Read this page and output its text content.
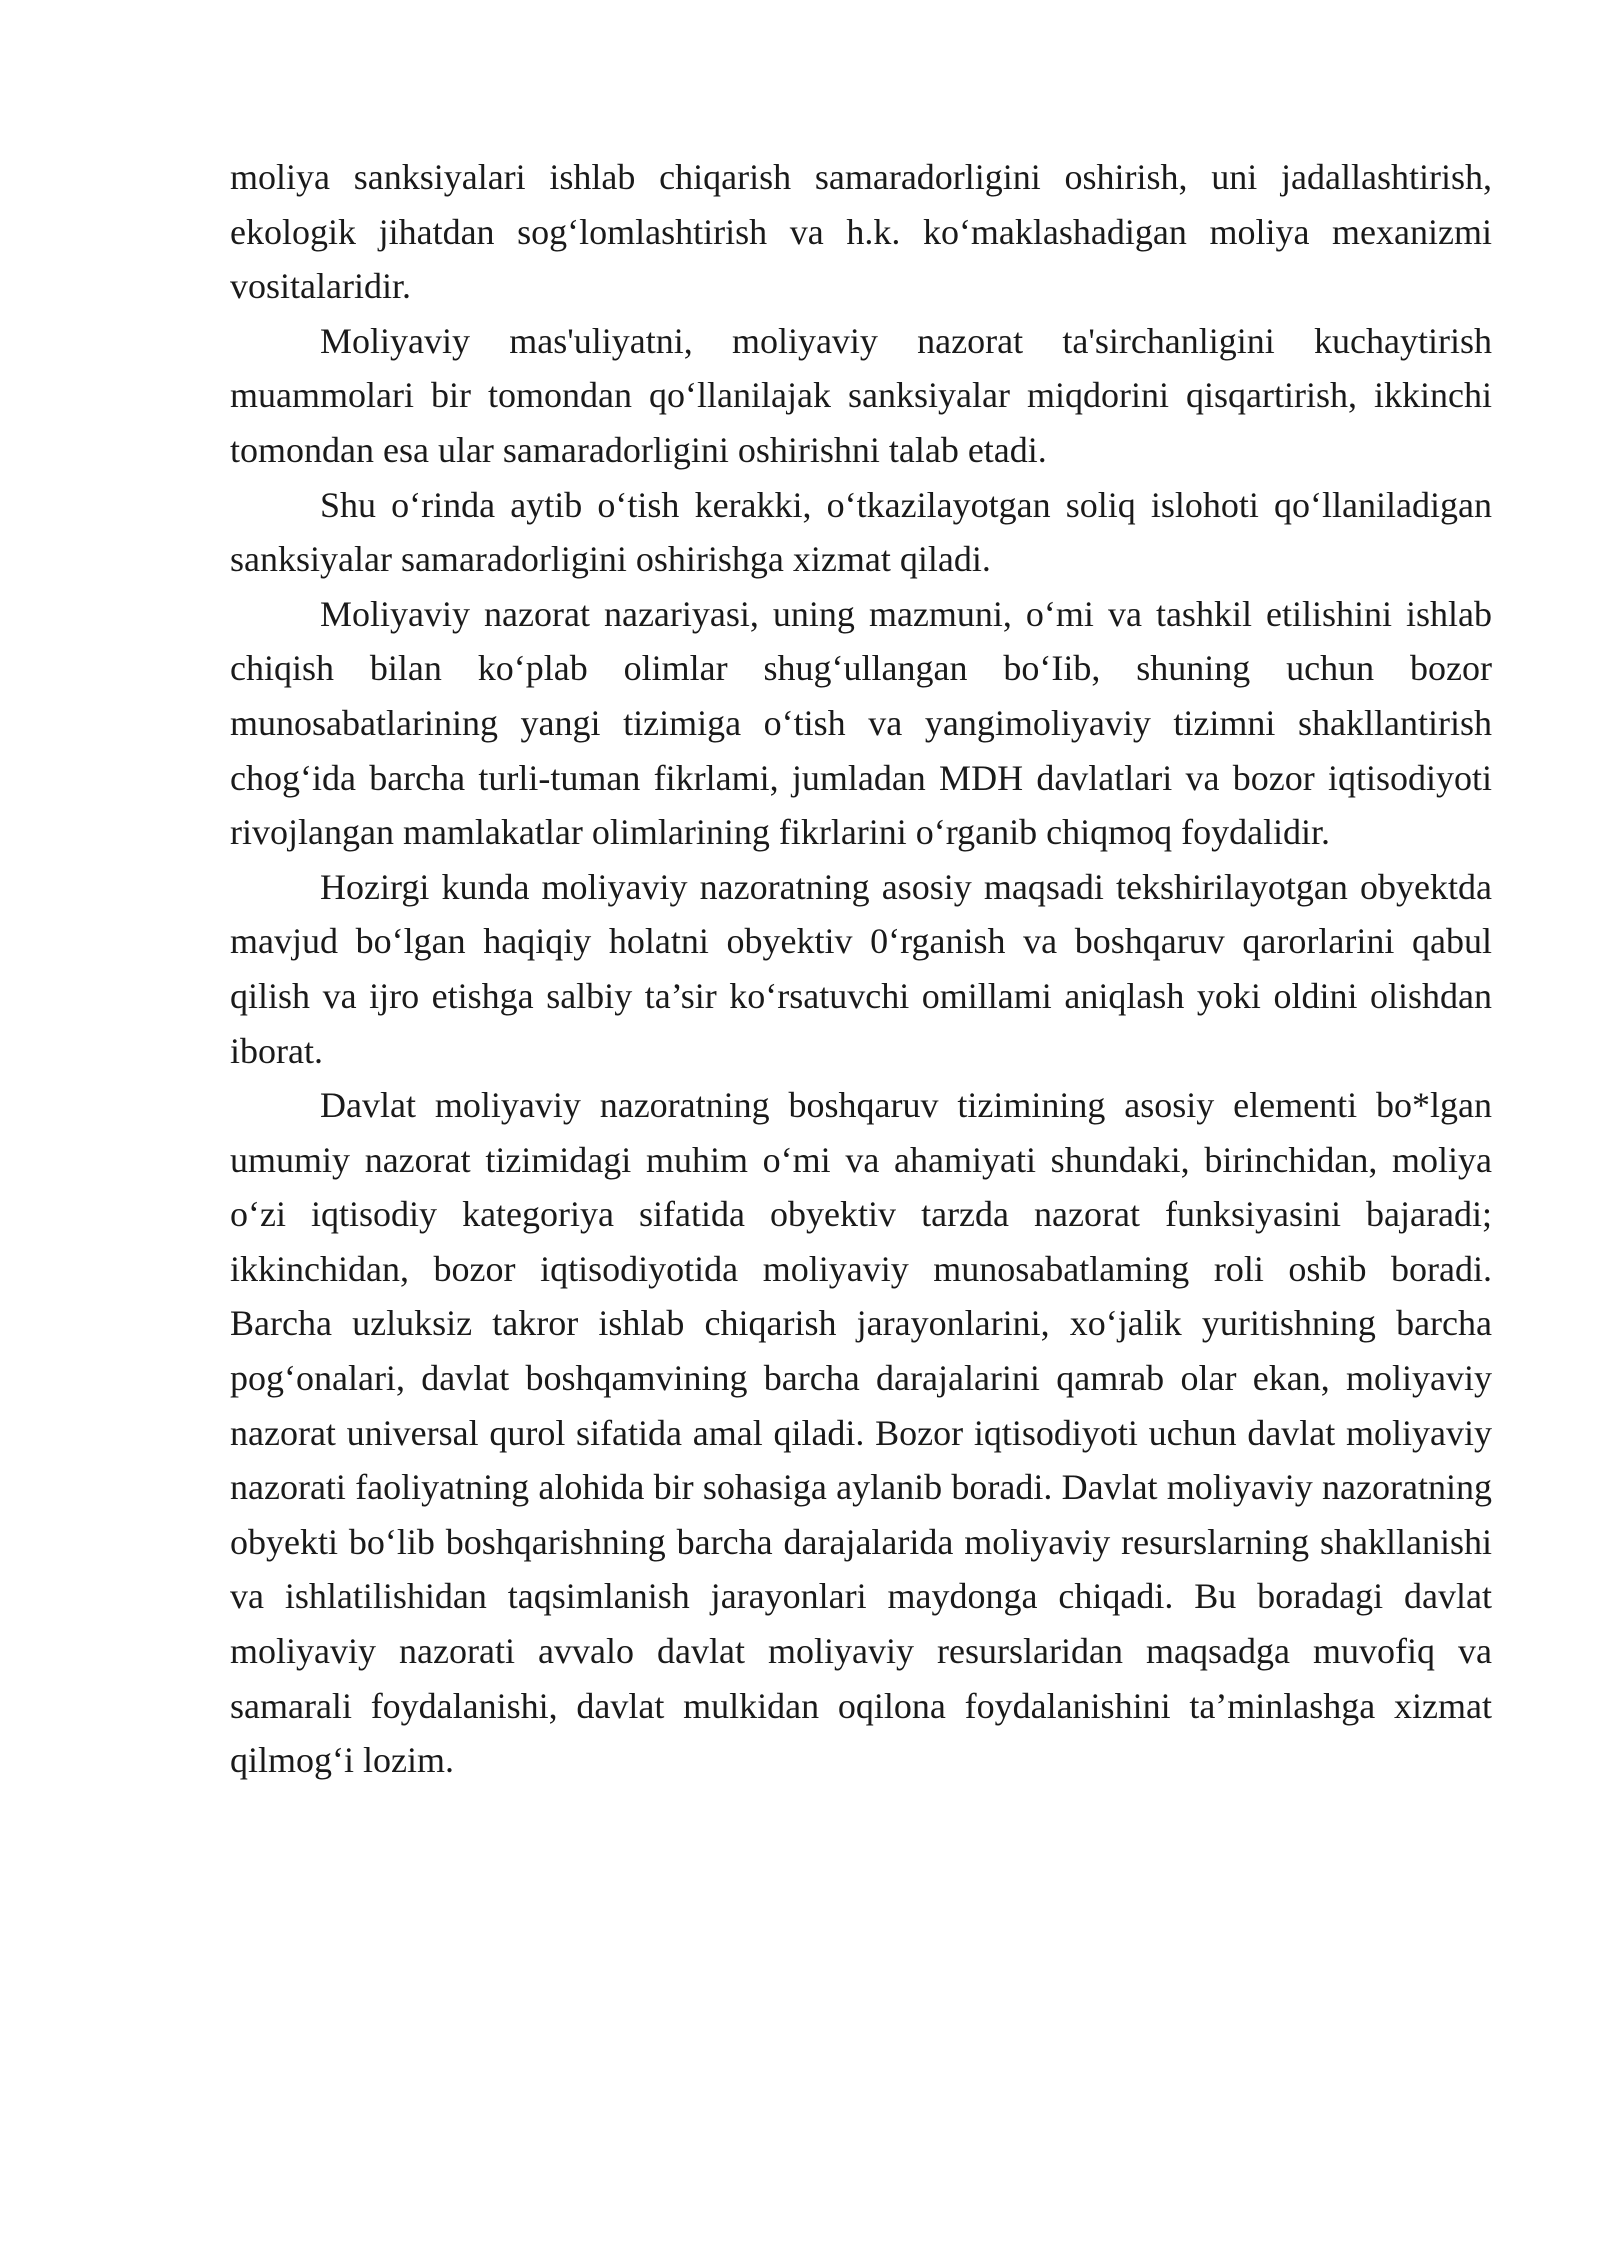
moliya sanksiyalari ishlab chiqarish samaradorligini oshirish, uni jadallashtirish, ekologik jihatdan sog‘lomlashtirish va h.k. ko‘maklashadigan moliya mexanizmi vositalaridir.

Moliyaviy mas'uliyatni, moliyaviy nazorat ta'sirchanligini kuchaytirish muammolari bir tomondan qo‘llanilajak sanksiyalar miqdorini qisqartirish, ikkinchi tomondan esa ular samaradorligini oshirishni talab etadi.

Shu o‘rinda aytib o‘tish kerakki, o‘tkazilayotgan soliq islohoti qo‘llaniladigan sanksiyalar samaradorligini oshirishga xizmat qiladi.

Moliyaviy nazorat nazariyasi, uning mazmuni, o‘mi va tashkil etilishini ishlab chiqish bilan ko‘plab olimlar shug‘ullangan bo‘Iib, shuning uchun bozor munosabatlarining yangi tizimiga o‘tish va yangimoliyaviy tizimni shakllantirish chog‘ida barcha turli-tuman fikrlami, jumladan MDH davlatlari va bozor iqtisodiyoti rivojlangan mamlakatlar olimlarining fikrlarini o‘rganib chiqmoq foydalidir.

Hozirgi kunda moliyaviy nazoratning asosiy maqsadi tekshirilayotgan obyektda mavjud bo‘lgan haqiqiy holatni obyektiv 0‘rganish va boshqaruv qarorlarini qabul qilish va ijro etishga salbiy ta’sir ko‘rsatuvchi omillami aniqlash yoki oldini olishdan iborat.

Davlat moliyaviy nazoratning boshqaruv tizimining asosiy elementi bo*lgan umumiy nazorat tizimidagi muhim o‘mi va ahamiyati shundaki, birinchidan, moliya o‘zi iqtisodiy kategoriya sifatida obyektiv tarzda nazorat funksiyasini bajaradi; ikkinchidan, bozor iqtisodiyotida moliyaviy munosabatlaming roli oshib boradi. Barcha uzluksiz takror ishlab chiqarish jarayonlarini, xo‘jalik yuritishning barcha pog‘onalari, davlat boshqamvining barcha darajalarini qamrab olar ekan, moliyaviy nazorat universal qurol sifatida amal qiladi. Bozor iqtisodiyoti uchun davlat moliyaviy nazorati faoliyatning alohida bir sohasiga aylanib boradi. Davlat moliyaviy nazoratning obyekti bo‘lib boshqarishning barcha darajalarida moliyaviy resurslarning shakllanishi va ishlatilishidan taqsimlanish jarayonlari maydonga chiqadi. Bu boradagi davlat moliyaviy nazorati avvalo davlat moliyaviy resurslaridan maqsadga muvofiq va samarali foydalanishi, davlat mulkidan oqilona foydalanishini ta’minlashga xizmat qilmog‘i lozim.
